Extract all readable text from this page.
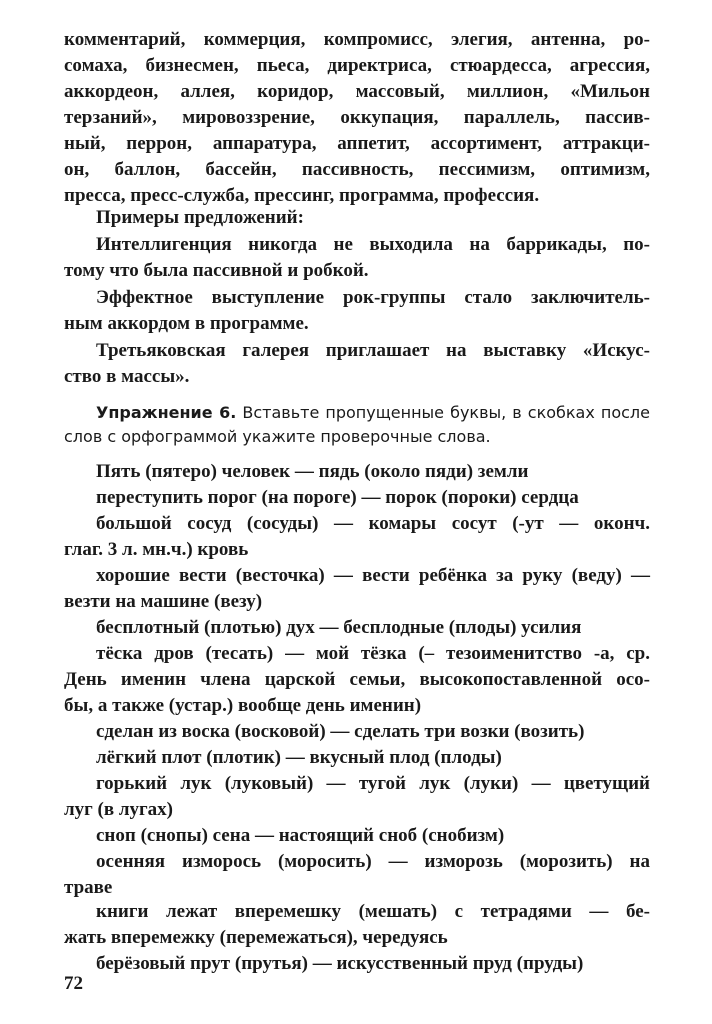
комментарий, коммерция, компромисс, элегия, антенна, ро-
сомаха, бизнесмен, пьеса, директриса, стюардесса, агрессия,
аккордеон, аллея, коридор, массовый, миллион, «Мильон
терзаний», мировоззрение, оккупация, параллель, пассив-
ный, перрон, аппаратура, аппетит, ассортимент, аттракци-
он, баллон, бассейн, пассивность, пессимизм, оптимизм,
пресса, пресс-служба, прессинг, программа, профессия.
Примеры предложений:
Интеллигенция никогда не выходила на баррикады, по-
тому что была пассивной и робкой.
Эффектное выступление рок-группы стало заключитель-
ным аккордом в программе.
Третьяковская галерея приглашает на выставку «Искус-
ство в массы».
Упражнение 6. Вставьте пропущенные буквы, в скобках после
слов с орфограммой укажите проверочные слова.
Пять (пятеро) человек — пядь (около пяди) земли
переступить порог (на пороге) — порок (пороки) сердца
большой сосуд (сосуды) — комары сосут (-ут — оконч.
глаг. 3 л. мн.ч.) кровь
хорошие вести (весточка) — вести ребёнка за руку (веду) —
везти на машине (везу)
бесплотный (плотью) дух — бесплодные (плоды) усилия
тёска дров (тесать) — мой тёзка (– тезоименитство -а, ср.
День именин члена царской семьи, высокопоставленной осо-
бы, а также (устар.) вообще день именин)
сделан из воска (восковой) — сделать три возки (возить)
лёгкий плот (плотик) — вкусный плод (плоды)
горький лук (луковый) — тугой лук (луки) — цветущий
луг (в лугах)
сноп (снопы) сена — настоящий сноб (снобизм)
осенняя изморось (моросить) — изморозь (морозить) на
траве
книги лежат вперемешку (мешать) с тетрадями — бе-
жать вперемежку (перемежаться), чередуясь
берёзовый прут (прутья) — искусственный пруд (пруды)
72
